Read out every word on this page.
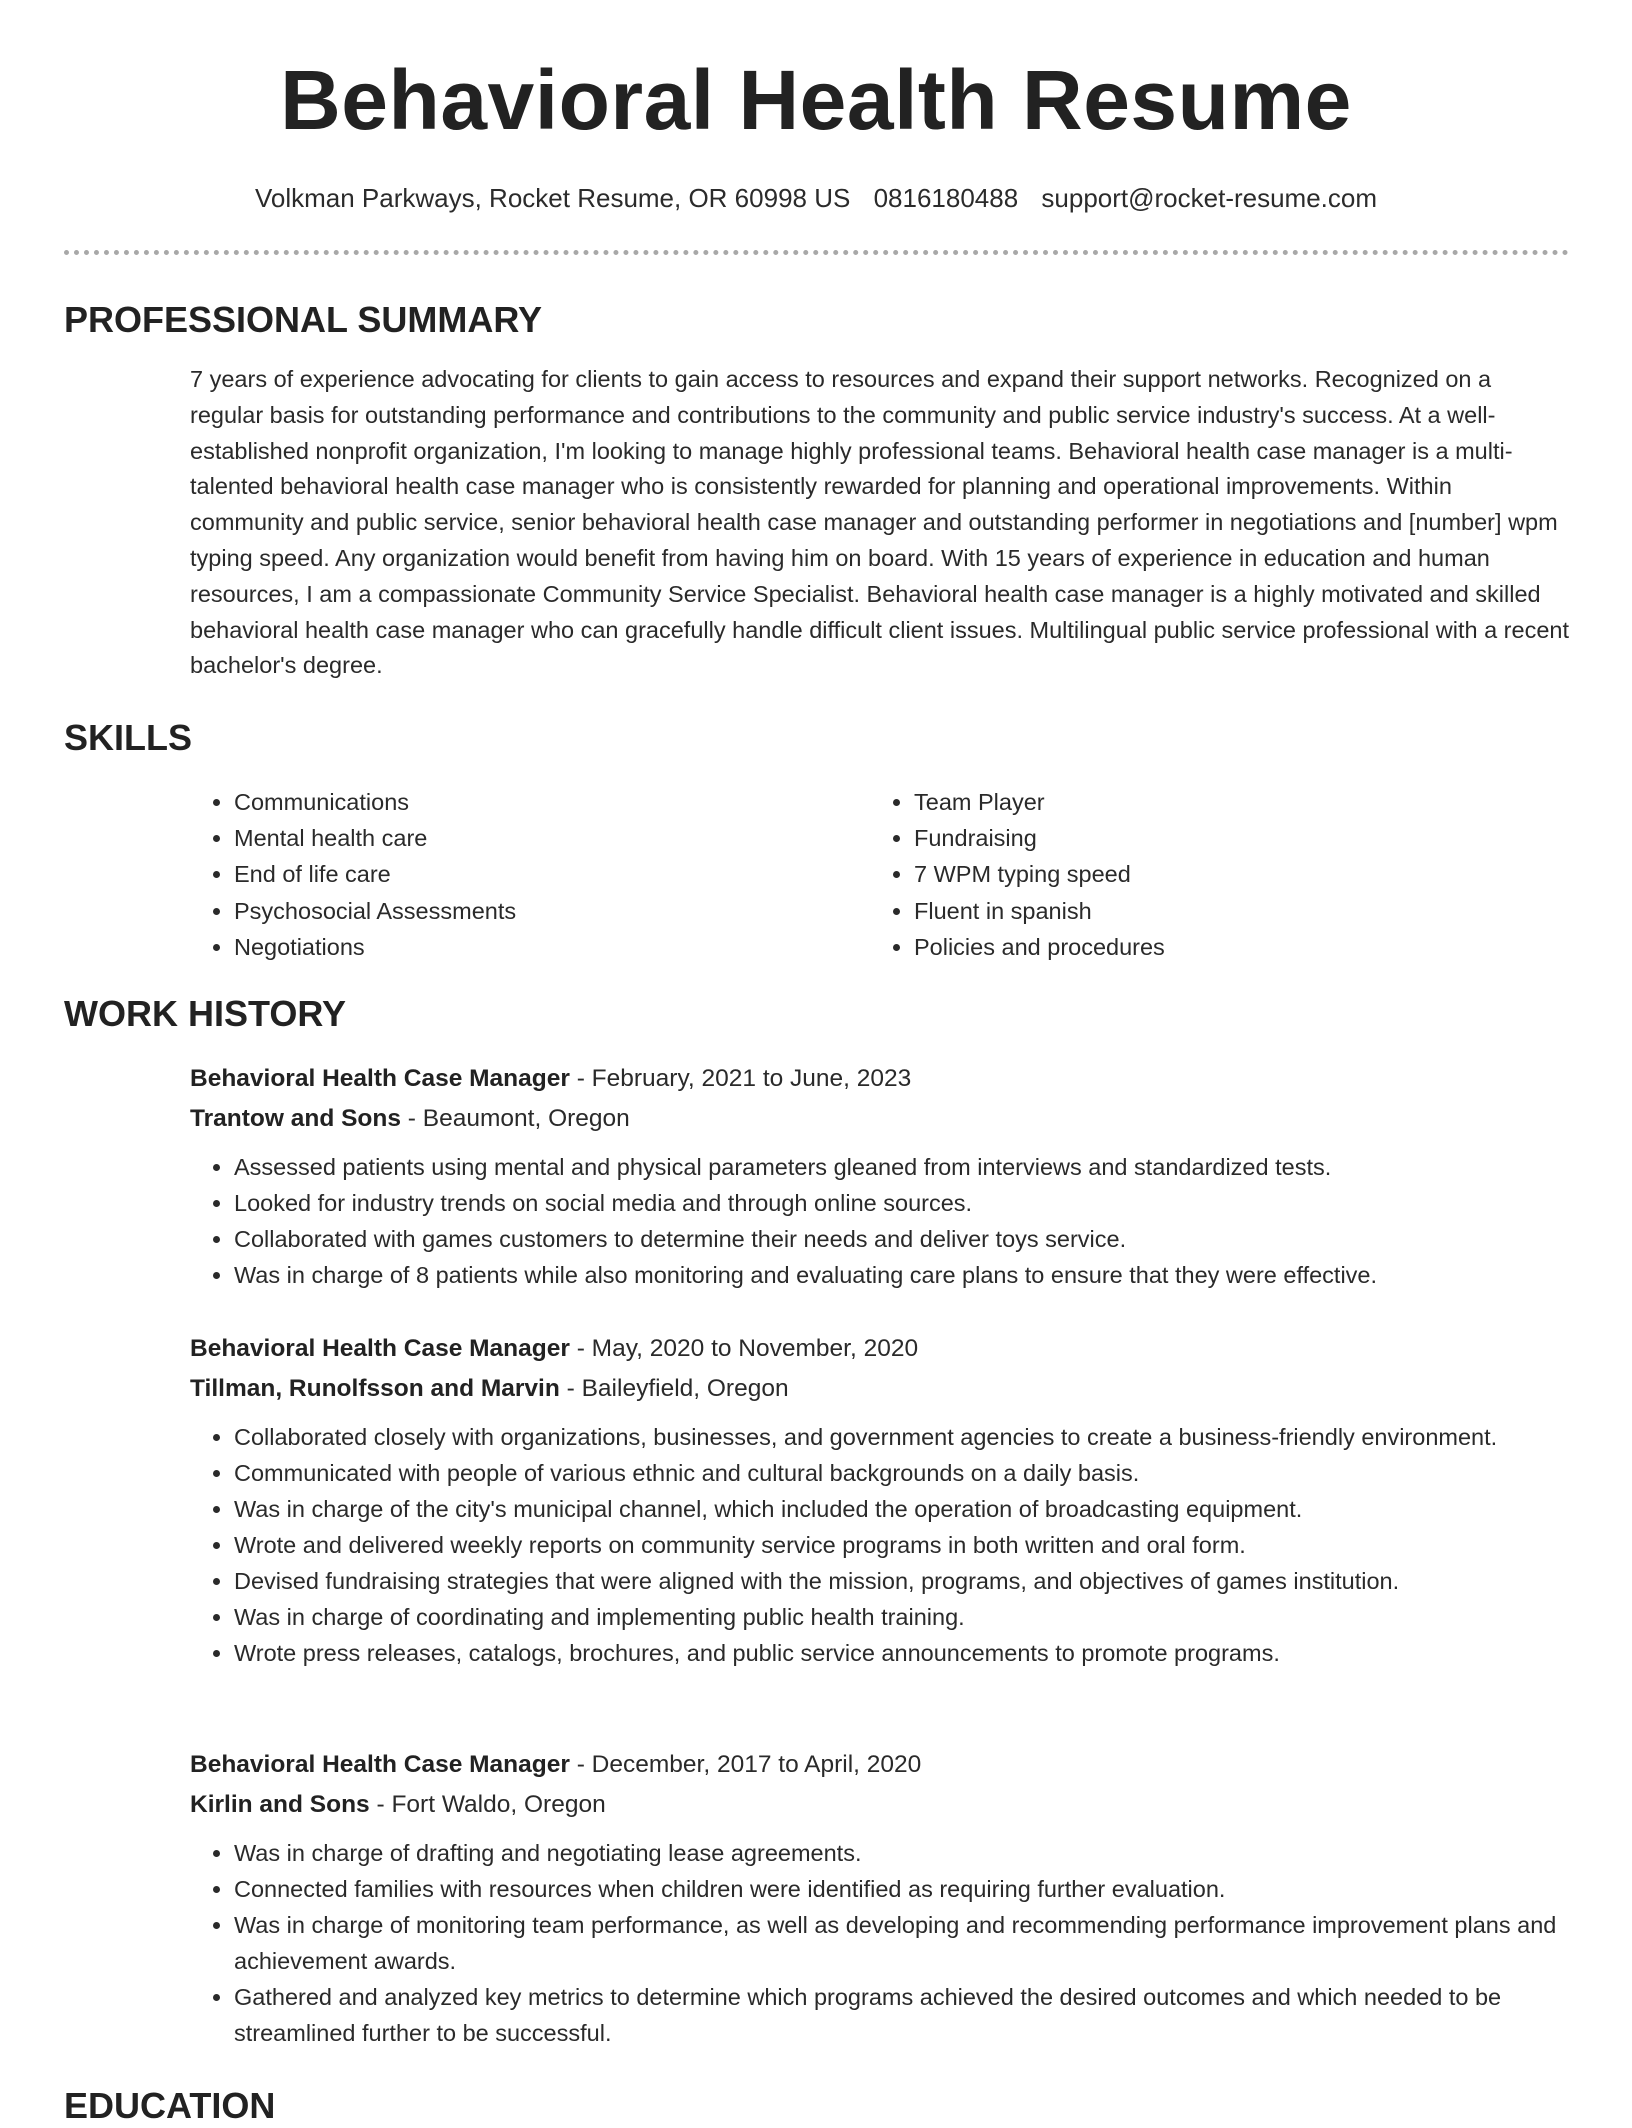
Behavioral Health Resume
Volkman Parkways, Rocket Resume, OR 60998 US 0816180488 support@rocket-resume.com
PROFESSIONAL SUMMARY
7 years of experience advocating for clients to gain access to resources and expand their support networks. Recognized on a regular basis for outstanding performance and contributions to the community and public service industry's success. At a well-established nonprofit organization, I'm looking to manage highly professional teams. Behavioral health case manager is a multi-talented behavioral health case manager who is consistently rewarded for planning and operational improvements. Within community and public service, senior behavioral health case manager and outstanding performer in negotiations and [number] wpm typing speed. Any organization would benefit from having him on board. With 15 years of experience in education and human resources, I am a compassionate Community Service Specialist. Behavioral health case manager is a highly motivated and skilled behavioral health case manager who can gracefully handle difficult client issues. Multilingual public service professional with a recent bachelor's degree.
SKILLS
• Communications
• Mental health care
• End of life care
• Psychosocial Assessments
• Negotiations
• Team Player
• Fundraising
• 7 WPM typing speed
• Fluent in spanish
• Policies and procedures
WORK HISTORY
Behavioral Health Case Manager - February, 2021 to June, 2023
Trantow and Sons - Beaumont, Oregon
• Assessed patients using mental and physical parameters gleaned from interviews and standardized tests.
• Looked for industry trends on social media and through online sources.
• Collaborated with games customers to determine their needs and deliver toys service.
• Was in charge of 8 patients while also monitoring and evaluating care plans to ensure that they were effective.
Behavioral Health Case Manager - May, 2020 to November, 2020
Tillman, Runolfsson and Marvin - Baileyfield, Oregon
• Collaborated closely with organizations, businesses, and government agencies to create a business-friendly environment.
• Communicated with people of various ethnic and cultural backgrounds on a daily basis.
• Was in charge of the city's municipal channel, which included the operation of broadcasting equipment.
• Wrote and delivered weekly reports on community service programs in both written and oral form.
• Devised fundraising strategies that were aligned with the mission, programs, and objectives of games institution.
• Was in charge of coordinating and implementing public health training.
• Wrote press releases, catalogs, brochures, and public service announcements to promote programs.
Behavioral Health Case Manager - December, 2017 to April, 2020
Kirlin and Sons - Fort Waldo, Oregon
• Was in charge of drafting and negotiating lease agreements.
• Connected families with resources when children were identified as requiring further evaluation.
• Was in charge of monitoring team performance, as well as developing and recommending performance improvement plans and achievement awards.
• Gathered and analyzed key metrics to determine which programs achieved the desired outcomes and which needed to be streamlined further to be successful.
EDUCATION
